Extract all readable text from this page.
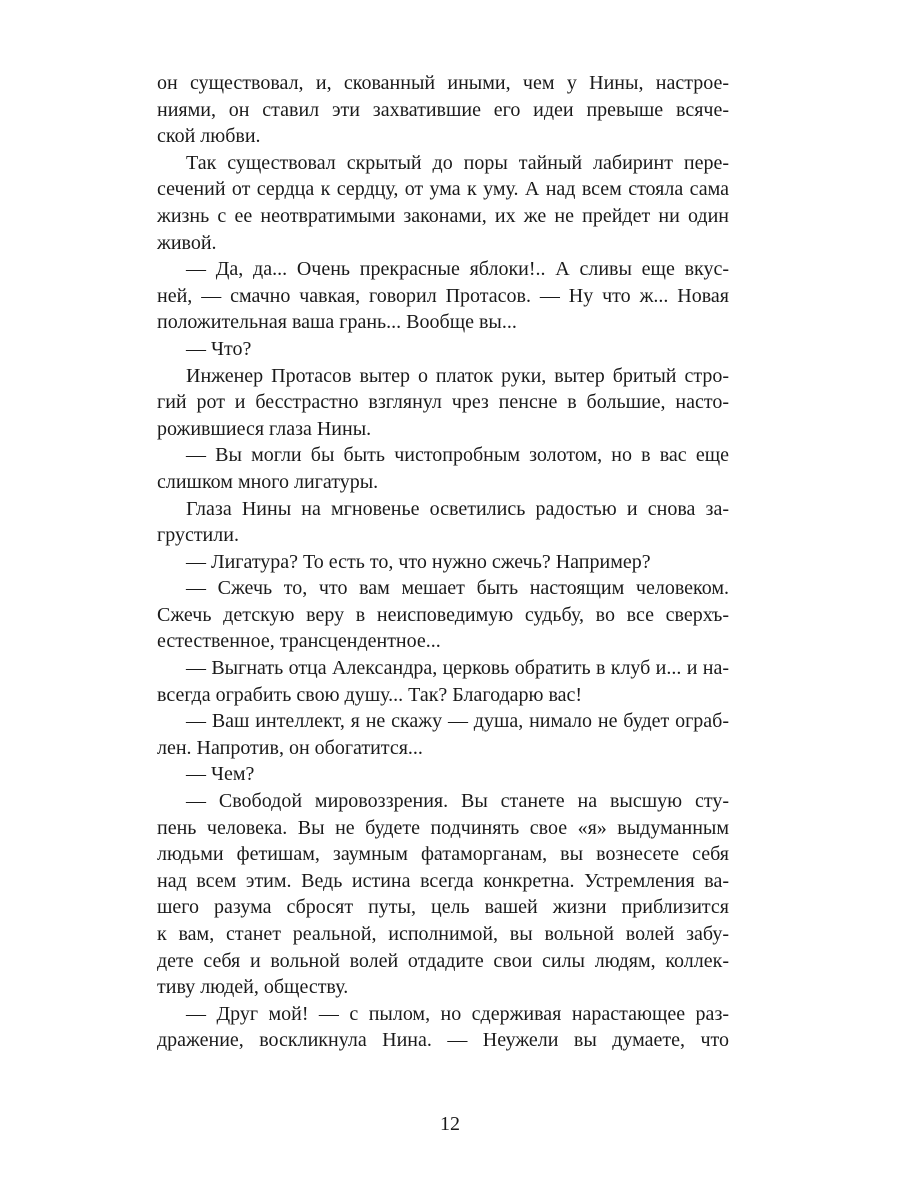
он существовал, и, скованный иными, чем у Нины, настрое-
ниями, он ставил эти захватившие его идеи превыше всяче-
ской любви.
Так существовал скрытый до поры тайный лабиринт пере-
сечений от сердца к сердцу, от ума к уму. А над всем стояла сама
жизнь с ее неотвратимыми законами, их же не прейдет ни один
живой.
— Да, да... Очень прекрасные яблоки!.. А сливы еще вкус-
ней, — смачно чавкая, говорил Протасов. — Ну что ж... Новая
положительная ваша грань... Вообще вы...
— Что?
Инженер Протасов вытер о платок руки, вытер бритый стро-
гий рот и бесстрастно взглянул чрез пенсне в большие, насто-
рожившиеся глаза Нины.
— Вы могли бы быть чистопробным золотом, но в вас еще
слишком много лигатуры.
Глаза Нины на мгновенье осветились радостью и снова за-
грустили.
— Лигатура? То есть то, что нужно сжечь? Например?
— Сжечь то, что вам мешает быть настоящим человеком.
Сжечь детскую веру в неисповедимую судьбу, во все сверхъ-
естественное, трансцендентное...
— Выгнать отца Александра, церковь обратить в клуб и... и на-
всегда ограбить свою душу... Так? Благодарю вас!
— Ваш интеллект, я не скажу — душа, нимало не будет ограб-
лен. Напротив, он обогатится...
— Чем?
— Свободой мировоззрения. Вы станете на высшую сту-
пень человека. Вы не будете подчинять свое «я» выдуманным
людьми фетишам, заумным фатаморганам, вы вознесете себя
над всем этим. Ведь истина всегда конкретна. Устремления ва-
шего разума сбросят путы, цель вашей жизни приблизится
к вам, станет реальной, исполнимой, вы вольной волей забу-
дете себя и вольной волей отдадите свои силы людям, коллек-
тиву людей, обществу.
— Друг мой! — с пылом, но сдерживая нарастающее раз-
дражение, воскликнула Нина. — Неужели вы думаете, что
12
